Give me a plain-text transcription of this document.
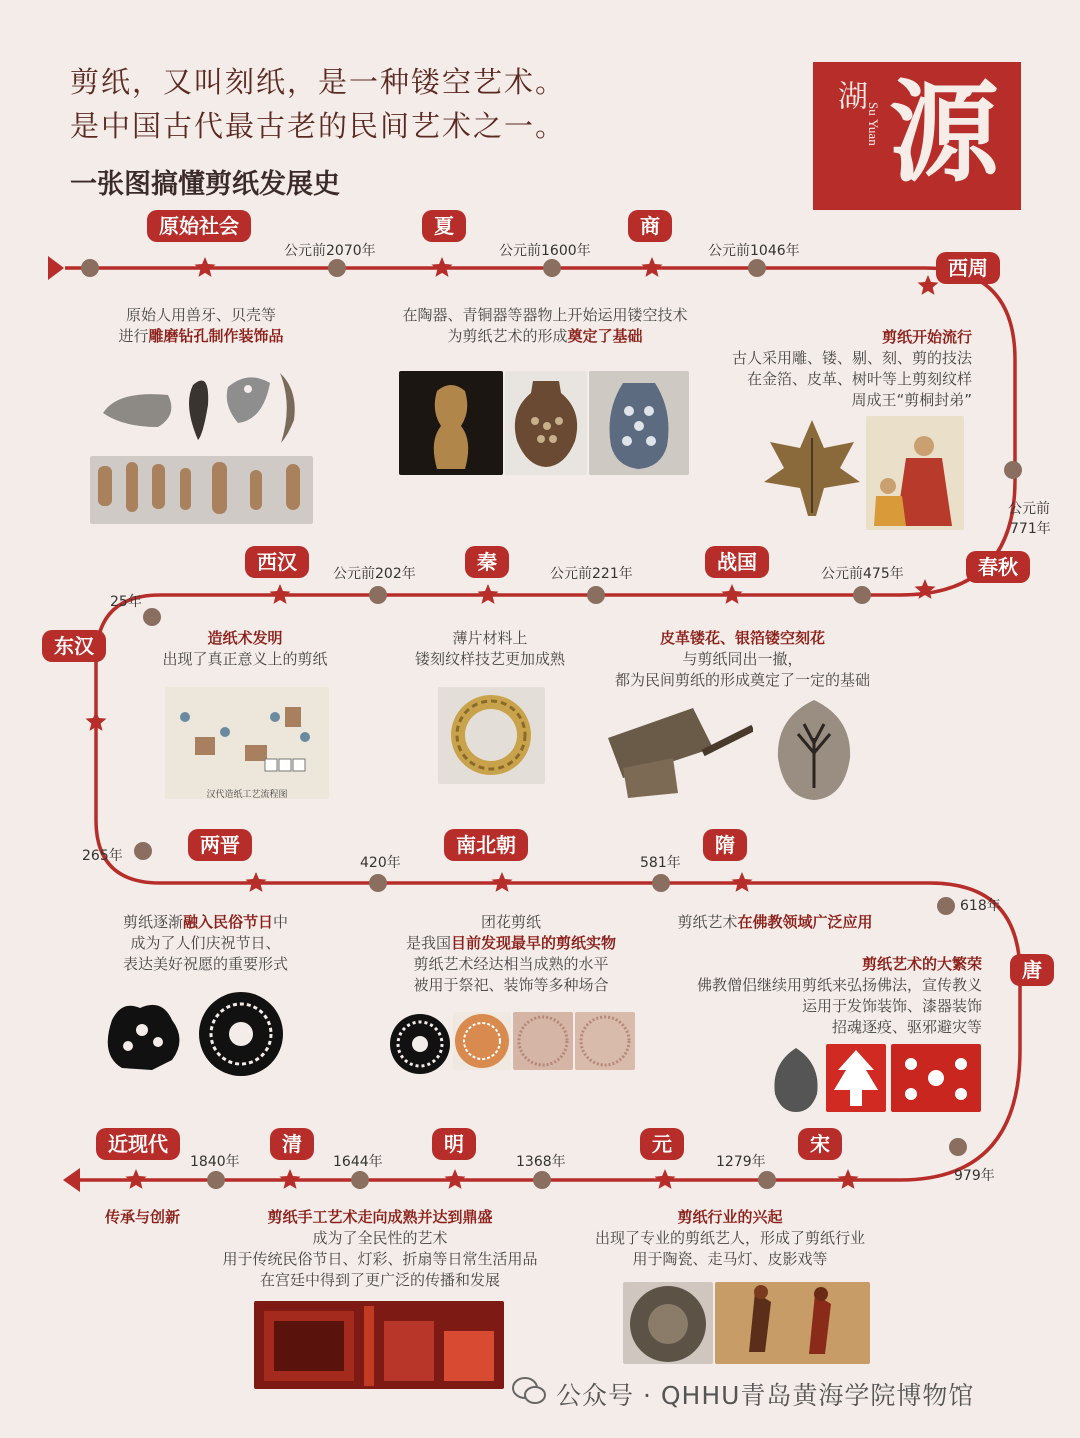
剪纸，又叫刻纸，是一种镂空艺术。
是中国古代最古老的民间艺术之一。
一张图搞懂剪纸发展史
湖 Su Yuan 源
原始社会	夏	商
西周
春秋
战国
秦
西汉
东汉
两晋	南北朝	隋
唐
宋
元
明
清
近现代
公元前2070年	公元前1600年	公元前1046年
公元前
771年
公元前475年
公元前221年
公元前202年
25年
265年	420年	581年
618年
979年
1279年
1368年
1644年
1840年
原始人用兽牙、贝壳等
进行雕磨钻孔制作装饰品
在陶器、青铜器等器物上开始运用镂空技术
为剪纸艺术的形成奠定了基础	剪纸开始流行
古人采用雕、镂、剔、刻、剪的技法
在金箔、皮革、树叶等上剪刻纹样
周成王“剪桐封弟”
造纸术发明
出现了真正意义上的剪纸
薄片材料上
镂刻纹样技艺更加成熟
皮革镂花、银箔镂空刻花
与剪纸同出一撤，
都为民间剪纸的形成奠定了一定的基础
汉代造纸工艺流程图
剪纸逐渐融入民俗节日中
成为了人们庆祝节日、
表达美好祝愿的重要形式
团花剪纸
是我国目前发现最早的剪纸实物
剪纸艺术经达相当成熟的水平
被用于祭祀、装饰等多种场合
剪纸艺术在佛教领域广泛应用
剪纸艺术的大繁荣
佛教僧侣继续用剪纸来弘扬佛法，宣传教义
运用于发饰装饰、漆器装饰
招魂逐疫、驱邪避灾等
传承与创新	剪纸手工艺术走向成熟并达到鼎盛
成为了全民性的艺术
用于传统民俗节日、灯彩、折扇等日常生活用品
在宫廷中得到了更广泛的传播和发展
剪纸行业的兴起
出现了专业的剪纸艺人，形成了剪纸行业
用于陶瓷、走马灯、皮影戏等
公众号 · QHHU青岛黄海学院博物馆
